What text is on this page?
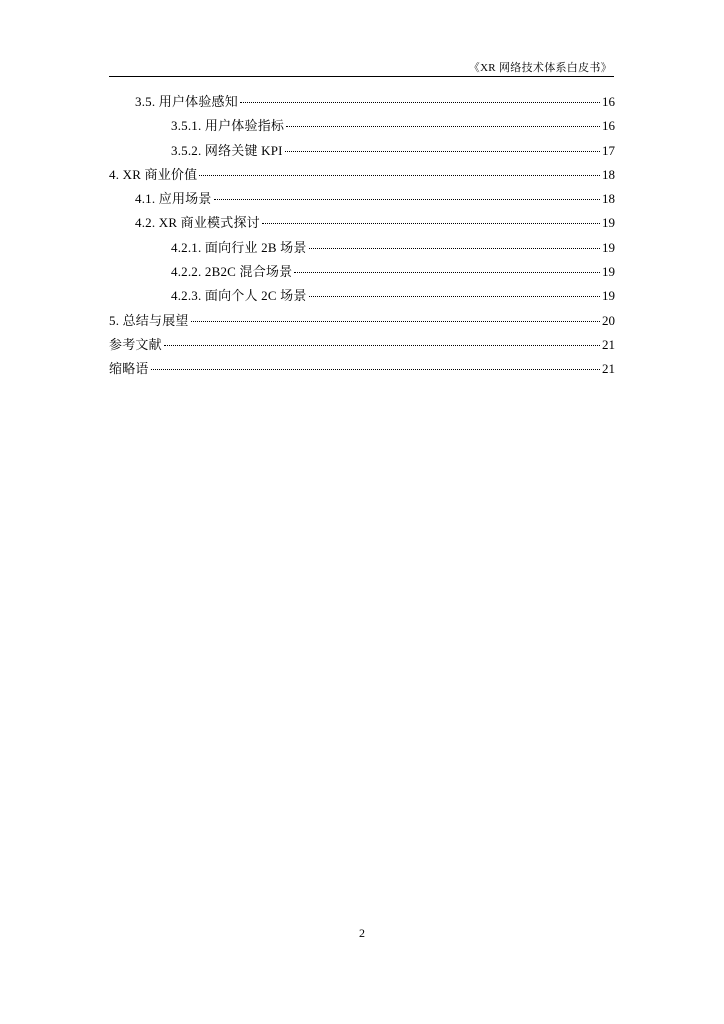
《XR 网络技术体系白皮书》
3.5. 用户体验感知	16
3.5.1. 用户体验指标	16
3.5.2. 网络关键 KPI	17
4. XR 商业价值	18
4.1. 应用场景	18
4.2. XR 商业模式探讨	19
4.2.1. 面向行业 2B 场景	19
4.2.2. 2B2C 混合场景	19
4.2.3. 面向个人 2C 场景	19
5. 总结与展望	20
参考文献	21
缩略语	21
2
